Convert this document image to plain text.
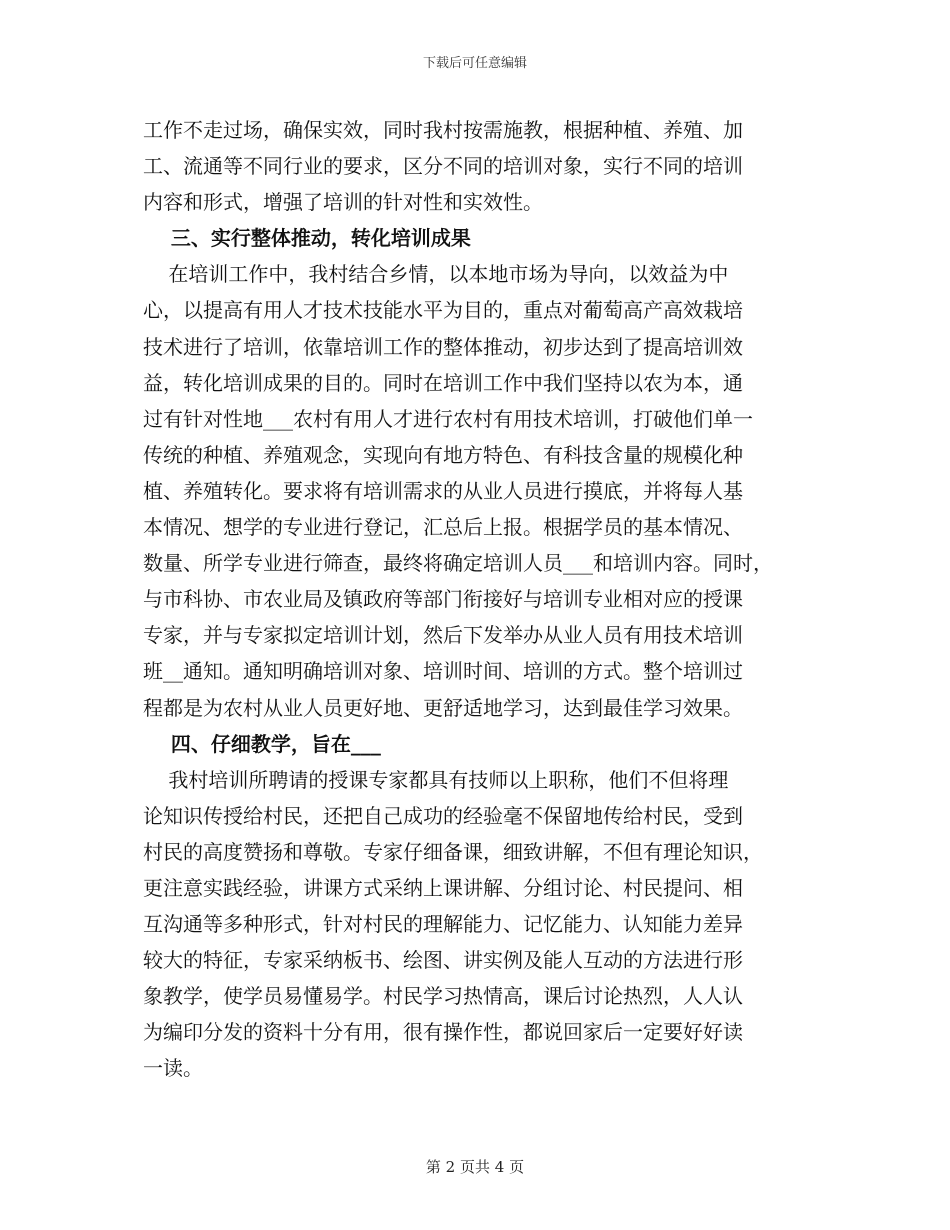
下载后可任意编辑
工作不走过场，确保实效，同时我村按需施教，根据种植、养殖、加
工、流通等不同行业的要求，区分不同的培训对象，实行不同的培训
内容和形式，增强了培训的针对性和实效性。
三、实行整体推动，转化培训成果
在培训工作中，我村结合乡情，以本地市场为导向，以效益为中
心，以提高有用人才技术技能水平为目的，重点对葡萄高产高效栽培
技术进行了培训，依靠培训工作的整体推动，初步达到了提高培训效
益，转化培训成果的目的。同时在培训工作中我们坚持以农为本，通
过有针对性地___农村有用人才进行农村有用技术培训，打破他们单一
传统的种植、养殖观念，实现向有地方特色、有科技含量的规模化种
植、养殖转化。要求将有培训需求的从业人员进行摸底，并将每人基
本情况、想学的专业进行登记，汇总后上报。根据学员的基本情况、
数量、所学专业进行筛查，最终将确定培训人员___和培训内容。同时，
与市科协、市农业局及镇政府等部门衔接好与培训专业相对应的授课
专家，并与专家拟定培训计划，然后下发举办从业人员有用技术培训
班__通知。通知明确培训对象、培训时间、培训的方式。整个培训过
程都是为农村从业人员更好地、更舒适地学习，达到最佳学习效果。
四、仔细教学，旨在___
我村培训所聘请的授课专家都具有技师以上职称，他们不但将理
论知识传授给村民，还把自己成功的经验毫不保留地传给村民，受到
村民的高度赞扬和尊敬。专家仔细备课，细致讲解，不但有理论知识，
更注意实践经验，讲课方式采纳上课讲解、分组讨论、村民提问、相
互沟通等多种形式，针对村民的理解能力、记忆能力、认知能力差异
较大的特征，专家采纳板书、绘图、讲实例及能人互动的方法进行形
象教学，使学员易懂易学。村民学习热情高，课后讨论热烈，人人认
为编印分发的资料十分有用，很有操作性，都说回家后一定要好好读
一读。
第 2 页共 4 页
